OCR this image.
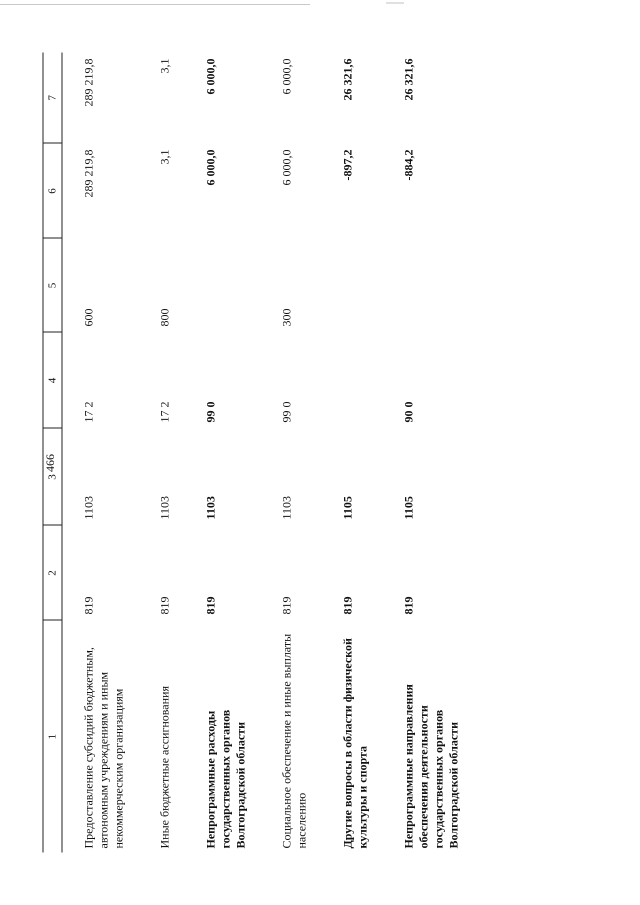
466
1	2	3	4	5	6	7
Предоставление субсидий бюджетным, автономным учреждениям и иным некоммерческим организациям	819	1103	17 2	600	289 219,8	289 219,8
Иные бюджетные ассигнования	819	1103	17 2	800	3,1	3,1
Непрограммные расходы государственных органов Волгоградской области	819	1103	99 0		6 000,0	6 000,0
Социальное обеспечение и иные выплаты населению	819	1103	99 0	300	6 000,0	6 000,0
Другие вопросы в области физической культуры и спорта	819	1105			-897,2	26 321,6
Непрограммные направления обеспечения деятельности государственных органов Волгоградской области	819	1105	90 0		-884,2	26 321,6
